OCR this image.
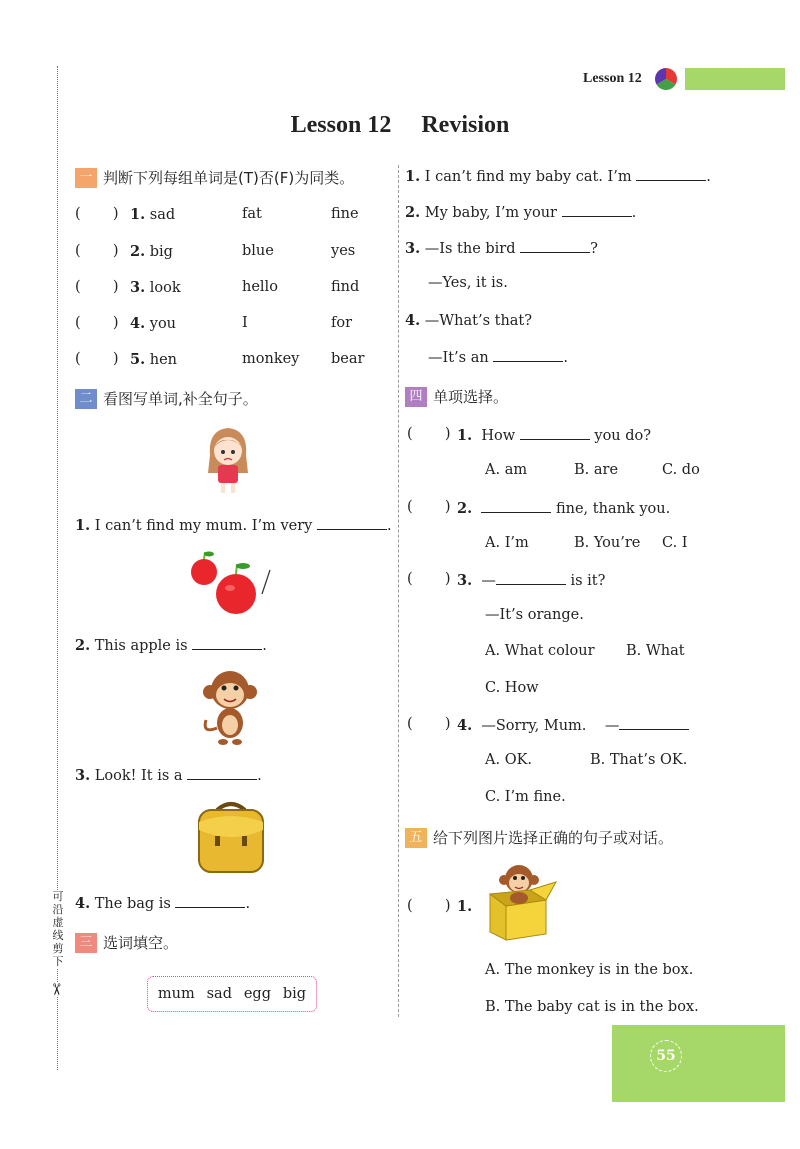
可
沿
虚
线
剪
下
✂
Lesson 12
Lesson 12  Revision
一 判断下列每组单词是(T)否(F)为同类。
(       ) 1. sad	fat	fine
(       ) 2. big	blue	yes
(       ) 3. look	hello	find
(       ) 4. you	I	for
(       ) 5. hen	monkey bear
二 看图写单词,补全句子。
1. I can’t find my mum. I’m very	.
2. This apple is	.
3. Look! It is a	.
4. The bag is	.
三 选词填空。
mum sad egg big
1. I can’t find my baby cat. I’m	.
2. My baby, I’m your	.
3. —Is the bird	?
—Yes, it is.
4. —What’s that?
—It’s an	.
四 单项选择。
(       ) 1. How	you do?
A. am	B. are	C. do
(       ) 2.	fine, thank you.
A. I’m	B. You’re C. I
(       ) 3. —	is it?
—It’s orange.
A. What colour B. What
C. How
(       ) 4. —Sorry, Mum. —
A. OK.	B. That’s OK.
C. I’m fine.
五 给下列图片选择正确的句子或对话。
(       ) 1.
A. The monkey is in the box.
B. The baby cat is in the box.
55
